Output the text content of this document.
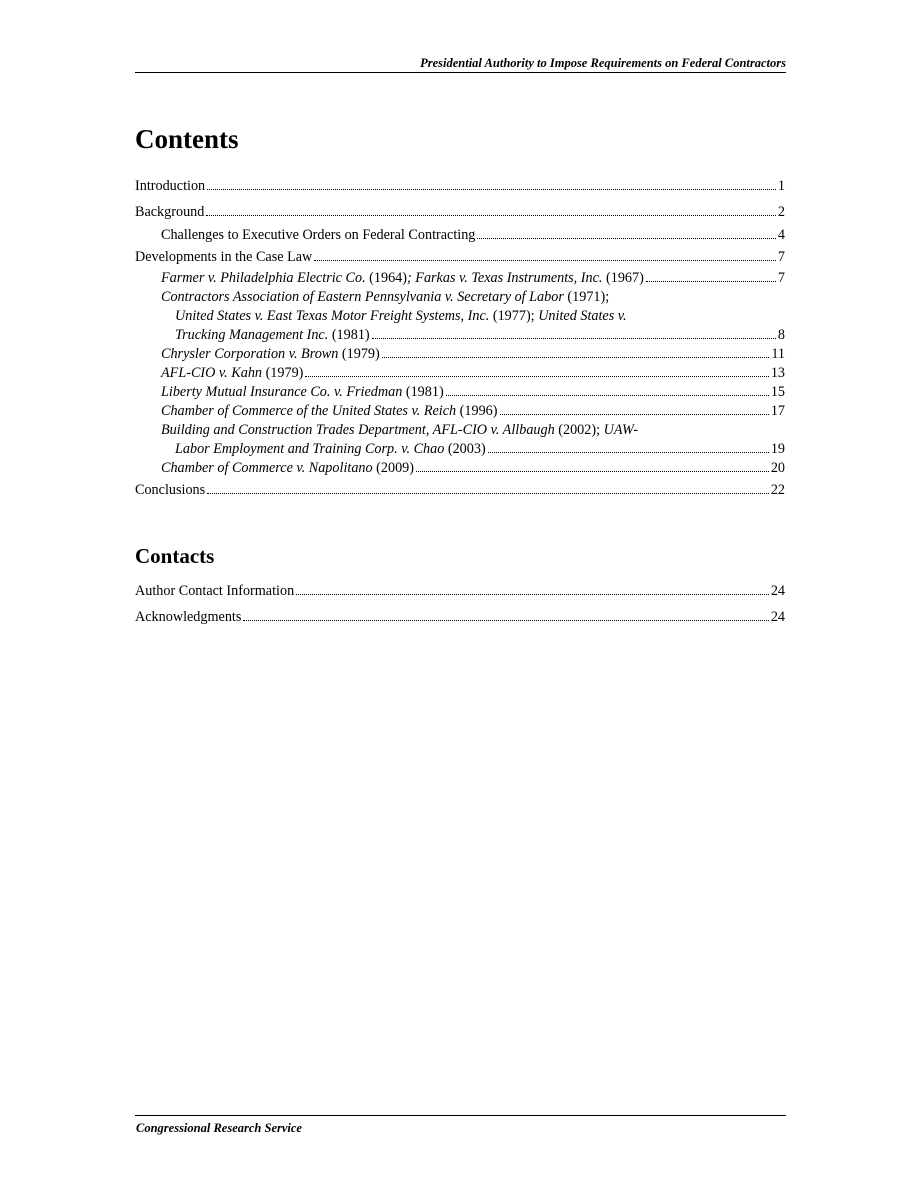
Presidential Authority to Impose Requirements on Federal Contractors
Contents
Introduction	1
Background	2
Challenges to Executive Orders on Federal Contracting	4
Developments in the Case Law	7
Farmer v. Philadelphia Electric Co. (1964); Farkas v. Texas Instruments, Inc. (1967)	7
Contractors Association of Eastern Pennsylvania v. Secretary of Labor (1971);
United States v. East Texas Motor Freight Systems, Inc. (1977); United States v.
Trucking Management Inc. (1981)	8
Chrysler Corporation v. Brown (1979)	11
AFL-CIO v. Kahn (1979)	13
Liberty Mutual Insurance Co. v. Friedman (1981)	15
Chamber of Commerce of the United States v. Reich (1996)	17
Building and Construction Trades Department, AFL-CIO v. Allbaugh (2002); UAW-
Labor Employment and Training Corp. v. Chao (2003)	19
Chamber of Commerce v. Napolitano (2009)	20
Conclusions	22
Contacts
Author Contact Information	24
Acknowledgments	24
Congressional Research Service
